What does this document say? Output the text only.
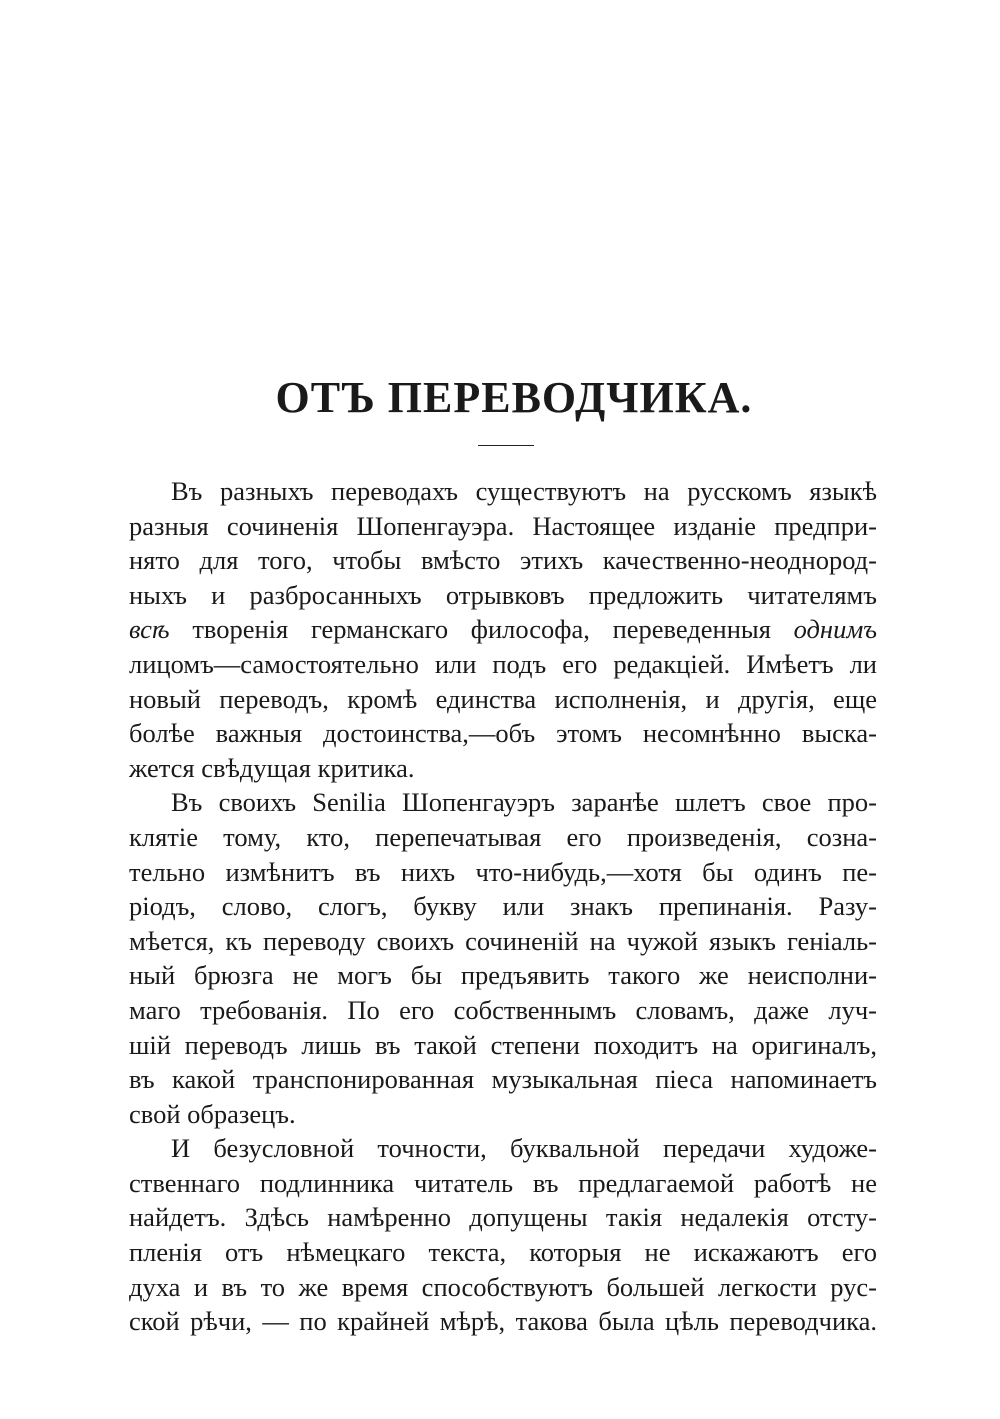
ОТЪ ПЕРЕВОДЧИКА.
Въ разныхъ переводахъ существуютъ на русскомъ языкѣ
разныя сочиненія Шопенгауэра. Настоящее изданіе предпри-
нято для того, чтобы вмѣсто этихъ качественно-неоднород-
ныхъ и разбросанныхъ отрывковъ предложить читателямъ
всѣ творенія германскаго философа, переведенныя однимъ
лицомъ—самостоятельно или подъ его редакціей. Имѣетъ ли
новый переводъ, кромѣ единства исполненія, и другія, еще
болѣе важныя достоинства,—объ этомъ несомнѣнно выска-
жется свѣдущая критика.
Въ своихъ Senilia Шопенгауэръ заранѣе шлетъ свое про-
клятіе тому, кто, перепечатывая его произведенія, созна-
тельно измѣнитъ въ нихъ что-нибудь,—хотя бы одинъ пе-
ріодъ, слово, слогъ, букву или знакъ препинанія. Разу-
мѣется, къ переводу своихъ сочиненій на чужой языкъ геніаль-
ный брюзга не могъ бы предъявить такого же неисполни-
маго требованія. По его собственнымъ словамъ, даже луч-
шій переводъ лишь въ такой степени походитъ на оригиналъ,
въ какой транспонированная музыкальная піеса напоминаетъ
свой образецъ.
И безусловной точности, буквальной передачи художе-
ственнаго подлинника читатель въ предлагаемой работѣ не
найдетъ. Здѣсь намѣренно допущены такія недалекія отсту-
пленія отъ нѣмецкаго текста, которыя не искажаютъ его
духа и въ то же время способствуютъ большей легкости рус-
ской рѣчи, — по крайней мѣрѣ, такова была цѣль переводчика.
